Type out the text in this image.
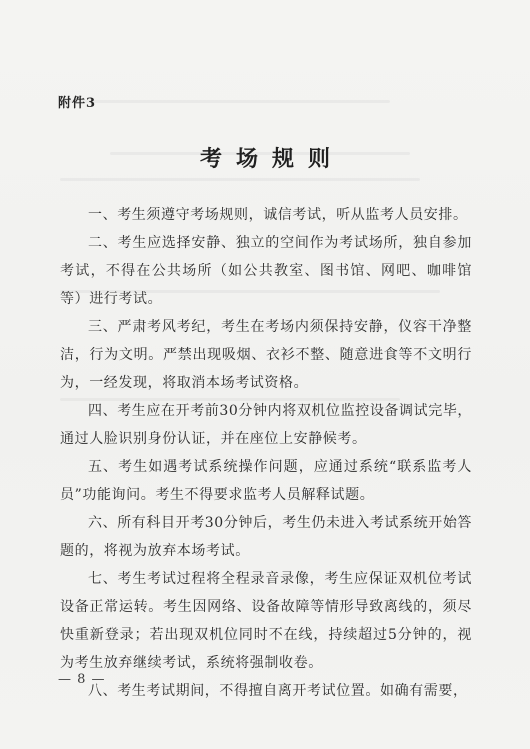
附件3
考场规则

一、考生须遵守考场规则，诚信考试，听从监考人员安排。

二、考生应选择安静、独立的空间作为考试场所，独自参加考试，不得在公共场所（如公共教室、图书馆、网吧、咖啡馆等）进行考试。

三、严肃考风考纪，考生在考场内须保持安静，仪容干净整洁，行为文明。严禁出现吸烟、衣衫不整、随意进食等不文明行为，一经发现，将取消本场考试资格。

四、考生应在开考前30分钟内将双机位监控设备调试完毕，通过人脸识别身份认证，并在座位上安静候考。

五、考生如遇考试系统操作问题，应通过系统“联系监考人员”功能询问。考生不得要求监考人员解释试题。

六、所有科目开考30分钟后，考生仍未进入考试系统开始答题的，将视为放弃本场考试。

七、考生考试过程将全程录音录像，考生应保证双机位考试设备正常运转。考生因网络、设备故障等情形导致离线的，须尽快重新登录；若出现双机位同时不在线，持续超过5分钟的，视为考生放弃继续考试，系统将强制收卷。

八、考生考试期间，不得擅自离开考试位置。如确有需要，

— 8 —
